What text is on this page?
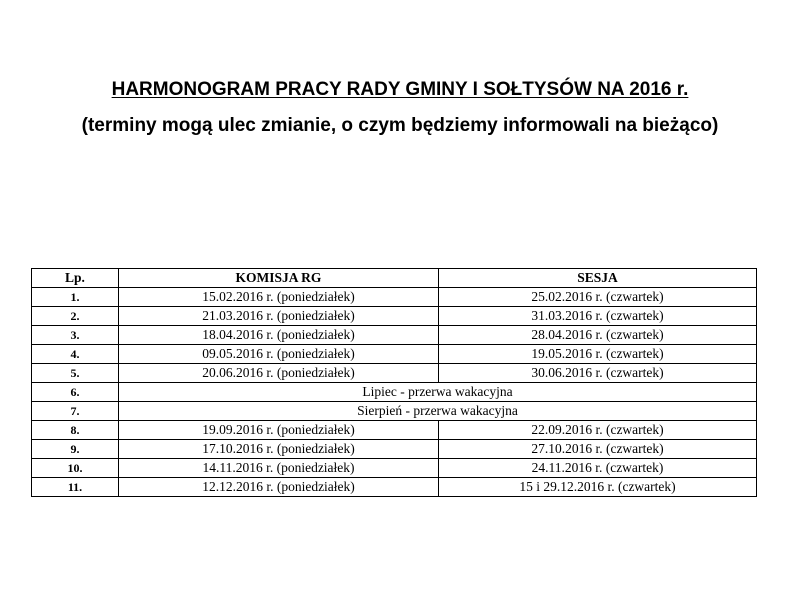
HARMONOGRAM PRACY RADY GMINY I SOŁTYSÓW NA 2016 r.
(terminy mogą ulec zmianie, o czym będziemy informowali na bieżąco)
Lp.	KOMISJA RG	SESJA
1.	15.02.2016 r. (poniedziałek)	25.02.2016 r. (czwartek)
2.	21.03.2016 r. (poniedziałek)	31.03.2016 r. (czwartek)
3.	18.04.2016 r. (poniedziałek)	28.04.2016 r. (czwartek)
4.	09.05.2016 r. (poniedziałek)	19.05.2016 r. (czwartek)
5.	20.06.2016 r. (poniedziałek)	30.06.2016 r. (czwartek)
6.	Lipiec - przerwa wakacyjna	
7.	Sierpień - przerwa wakacyjna	
8.	19.09.2016 r. (poniedziałek)	22.09.2016 r. (czwartek)
9.	17.10.2016 r. (poniedziałek)	27.10.2016 r. (czwartek)
10.	14.11.2016 r. (poniedziałek)	24.11.2016 r. (czwartek)
11.	12.12.2016 r. (poniedziałek)	15 i 29.12.2016 r. (czwartek)
